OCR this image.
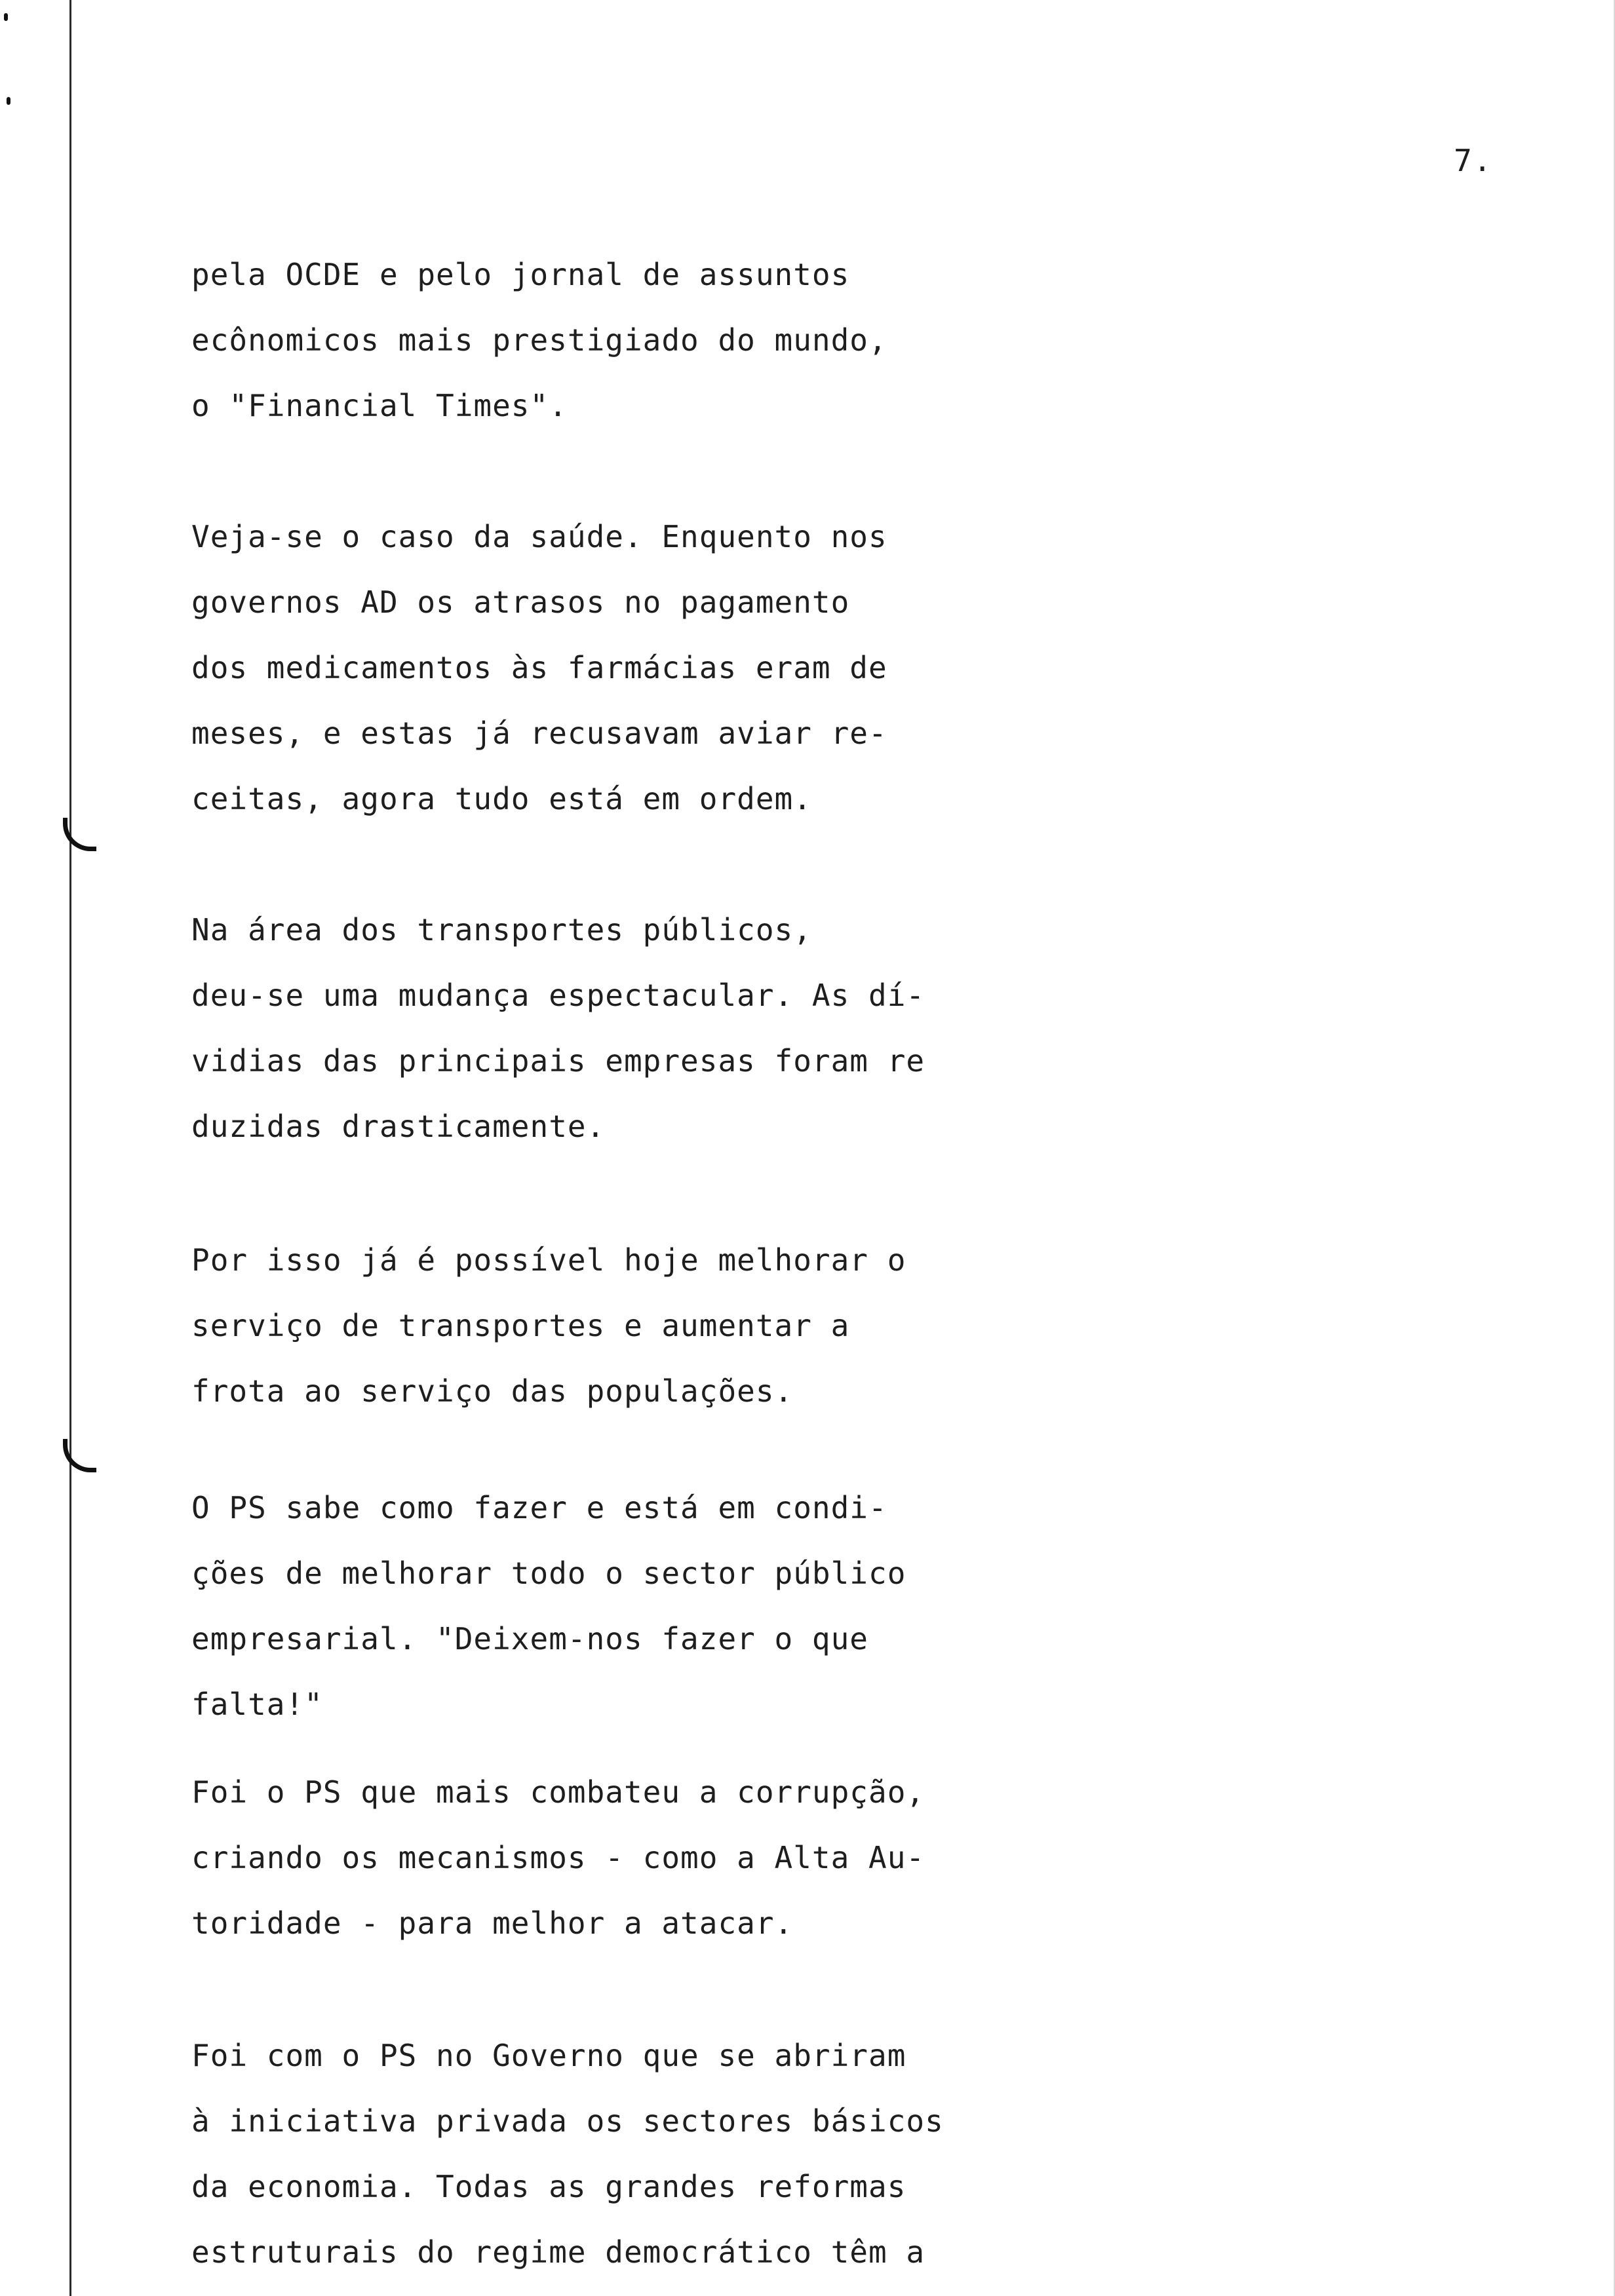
7.
pela OCDE e pelo jornal de assuntos
ecônomicos mais prestigiado do mundo,
o "Financial Times".
Veja-se o caso da saúde. Enquento nos
governos AD os atrasos no pagamento
dos medicamentos às farmácias eram de
meses, e estas já recusavam aviar re-
ceitas, agora tudo está em ordem.
Na área dos transportes públicos,
deu-se uma mudança espectacular. As dí-
vidias das principais empresas foram re
duzidas drasticamente.
Por isso já é possível hoje melhorar o
serviço de transportes e aumentar a
frota ao serviço das populações.
O PS sabe como fazer e está em condi-
ções de melhorar todo o sector público
empresarial. "Deixem-nos fazer o que
falta!"
Foi o PS que mais combateu a corrupção,
criando os mecanismos - como a Alta Au-
toridade - para melhor a atacar.
Foi com o PS no Governo que se abriram
à iniciativa privada os sectores básicos
da economia. Todas as grandes reformas
estruturais do regime democrático têm a
